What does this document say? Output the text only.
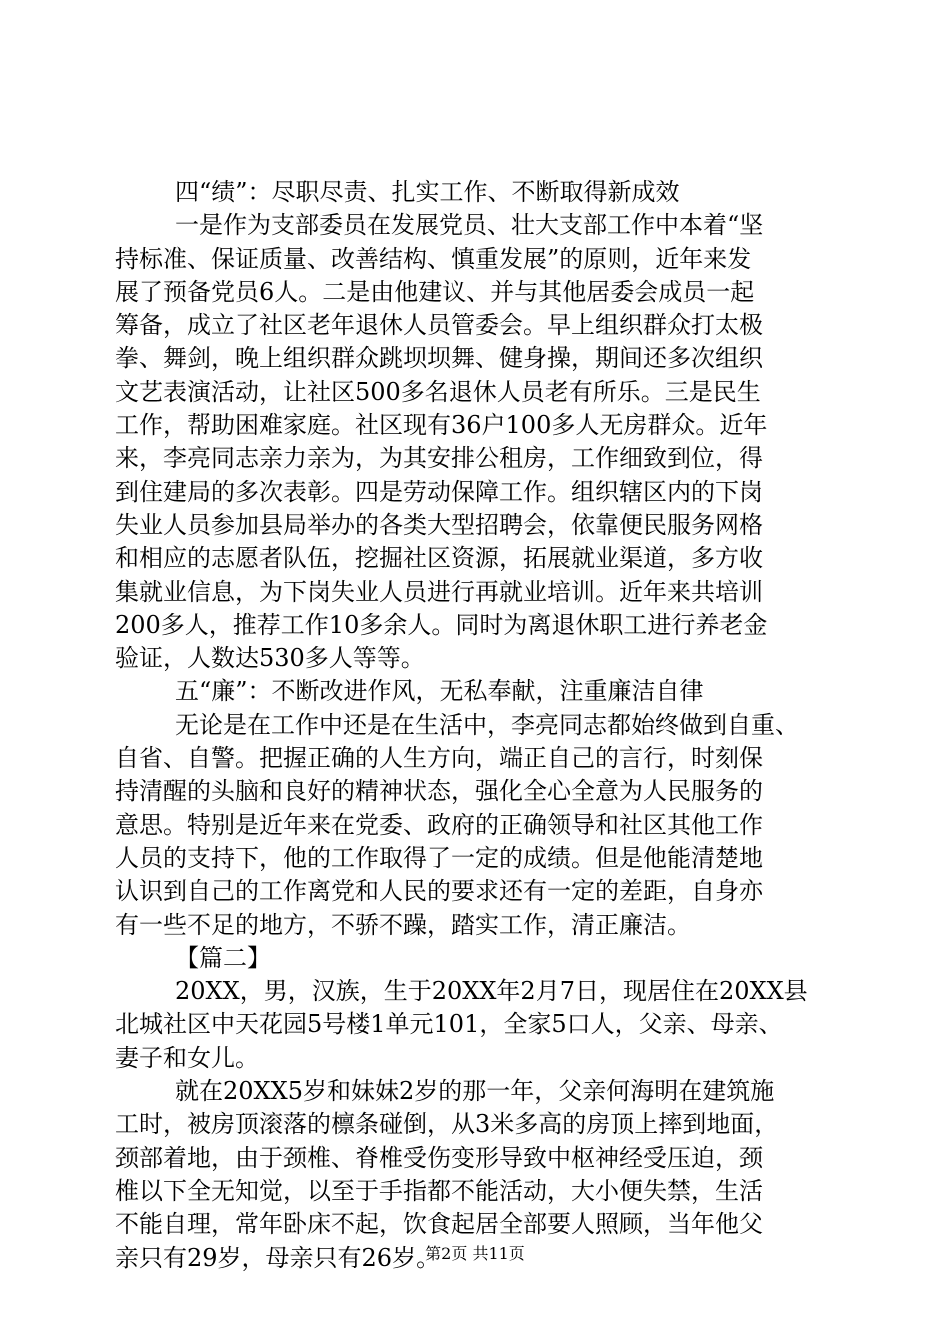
四“绩”：尽职尽责、扎实工作、不断取得新成效
一是作为支部委员在发展党员、壮大支部工作中本着“坚
持标准、保证质量、改善结构、慎重发展”的原则，近年来发
展了预备党员6人。二是由他建议、并与其他居委会成员一起
筹备，成立了社区老年退休人员管委会。早上组织群众打太极
拳、舞剑，晚上组织群众跳坝坝舞、健身操，期间还多次组织
文艺表演活动，让社区500多名退休人员老有所乐。三是民生
工作，帮助困难家庭。社区现有36户100多人无房群众。近年
来，李亮同志亲力亲为，为其安排公租房，工作细致到位，得
到住建局的多次表彰。四是劳动保障工作。组织辖区内的下岗
失业人员参加县局举办的各类大型招聘会，依靠便民服务网格
和相应的志愿者队伍，挖掘社区资源，拓展就业渠道，多方收
集就业信息，为下岗失业人员进行再就业培训。近年来共培训
200多人，推荐工作10多余人。同时为离退休职工进行养老金
验证，人数达530多人等等。
五“廉”：不断改进作风，无私奉献，注重廉洁自律
无论是在工作中还是在生活中，李亮同志都始终做到自重、
自省、自警。把握正确的人生方向，端正自己的言行，时刻保
持清醒的头脑和良好的精神状态，强化全心全意为人民服务的
意思。特别是近年来在党委、政府的正确领导和社区其他工作
人员的支持下，他的工作取得了一定的成绩。但是他能清楚地
认识到自己的工作离党和人民的要求还有一定的差距，自身亦
有一些不足的地方，不骄不躁，踏实工作，清正廉洁。
【篇二】
20XX，男，汉族，生于20XX年2月7日，现居住在20XX县
北城社区中天花园5号楼1单元101，全家5口人，父亲、母亲、
妻子和女儿。
就在20XX5岁和妹妹2岁的那一年，父亲何海明在建筑施
工时，被房顶滚落的檩条碰倒，从3米多高的房顶上摔到地面，
颈部着地，由于颈椎、脊椎受伤变形导致中枢神经受压迫，颈
椎以下全无知觉，以至于手指都不能活动，大小便失禁，生活
不能自理，常年卧床不起，饮食起居全部要人照顾，当年他父
亲只有29岁，母亲只有26岁。
第2页 共11页
